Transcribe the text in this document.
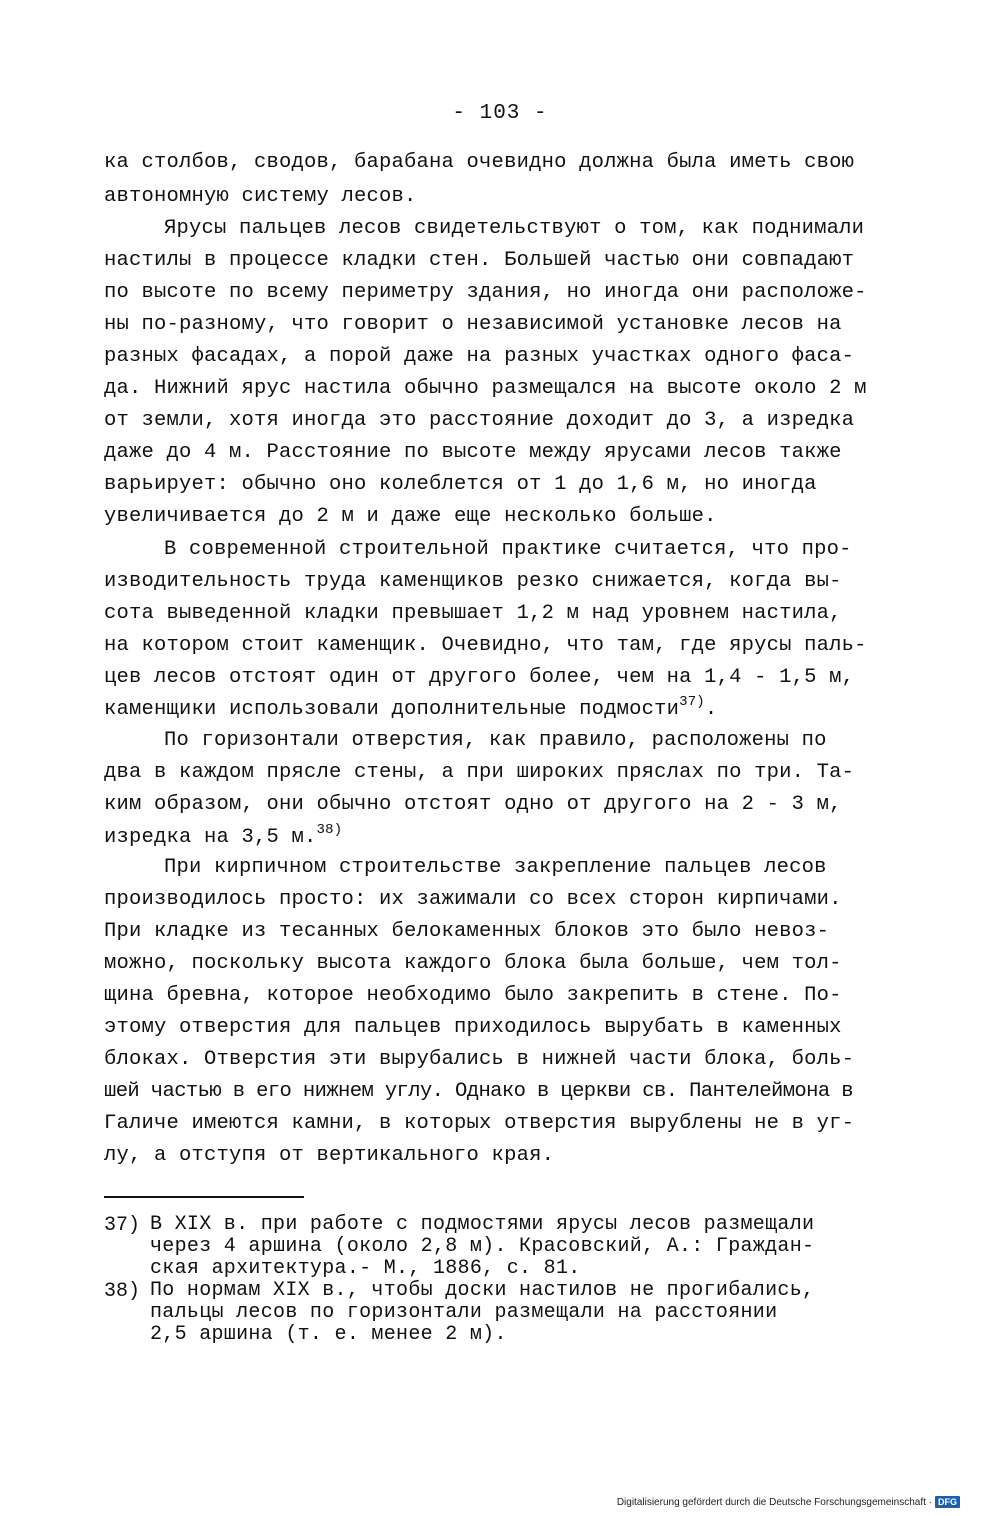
- 103 -
ка столбов, сводов, барабана очевидно должна была иметь свою
автономную систему лесов.
Ярусы пальцев лесов свидетельствуют о том, как поднимали
настилы в процессе кладки стен. Большей частью они совпадают
по высоте по всему периметру здания, но иногда они расположе-
ны по-разному, что говорит о независимой установке лесов на
разных фасадах, а порой даже на разных участках одного фаса-
да. Нижний ярус настила обычно размещался на высоте около 2 м
от земли, хотя иногда это расстояние доходит до 3, а изредка
даже до 4 м. Расстояние по высоте между ярусами лесов также
варьирует: обычно оно колеблется от 1 до 1,6 м, но иногда
увеличивается до 2 м и даже еще несколько больше.
В современной строительной практике считается, что про-
изводительность труда каменщиков резко снижается, когда вы-
сота выведенной кладки превышает 1,2 м над уровнем настила,
на котором стоит каменщик. Очевидно, что там, где ярусы паль-
цев лесов отстоят один от другого более, чем на 1,4 - 1,5 м,
каменщики использовали дополнительные подмости$^{37)}$.
По горизонтали отверстия, как правило, расположены по
два в каждом прясле стены, а при широких пряслах по три. Та-
ким образом, они обычно отстоят одно от другого на 2 - 3 м,
изредка на 3,5 м.$^{38)}$
При кирпичном строительстве закрепление пальцев лесов
производилось просто: их зажимали со всех сторон кирпичами.
При кладке из тесанных белокаменных блоков это было невоз-
можно, поскольку высота каждого блока была больше, чем тол-
щина бревна, которое необходимо было закрепить в стене. По-
этому отверстия для пальцев приходилось вырубать в каменных
блоках. Отверстия эти вырубались в нижней части блока, боль-
шей частью в его нижнем углу. Однако в церкви св. Пантелеймона в
Галиче имеются камни, в которых отверстия вырублены не в уг-
лу, а отступя от вертикального края.
37) В XIX в. при работе с подмостями ярусы лесов размещали
через 4 аршина (около 2,8 м). Красовский, А.: Граждан-
ская архитектура.- М., 1886, с. 81.
38) По нормам XIX в., чтобы доски настилов не прогибались,
пальцы лесов по горизонтали размещали на расстоянии
2,5 аршина (т. е. менее 2 м).
Digitalisierung gefördert durch die Deutsche Forschungsgemeinschaft · DFG
